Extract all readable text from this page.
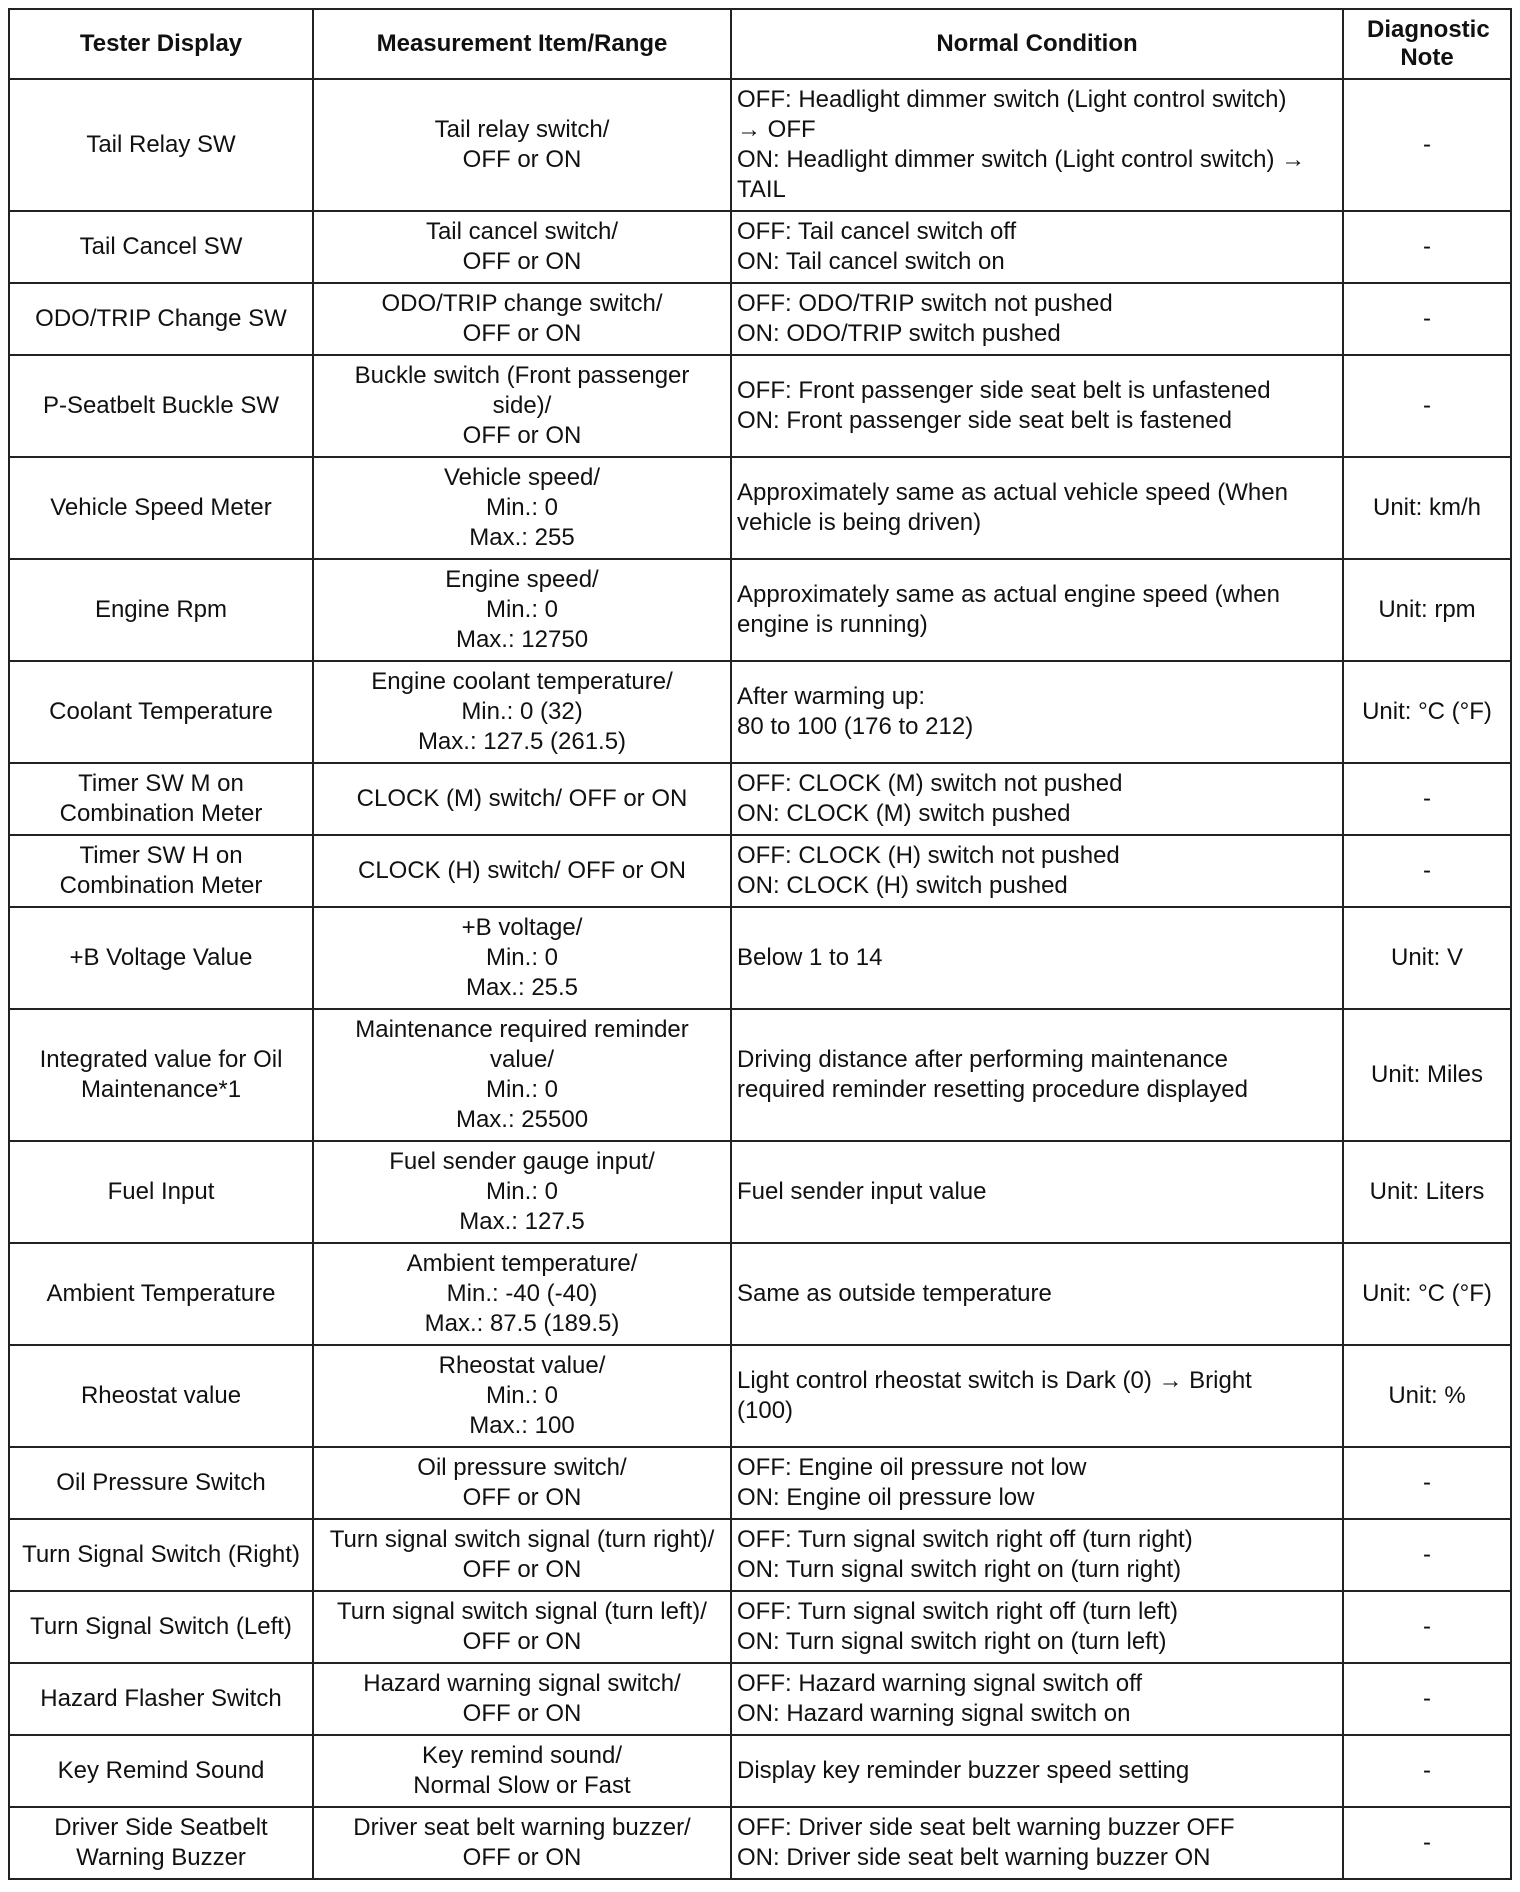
Tester Display	Measurement Item/Range	Normal Condition	Diagnostic Note

Tail Relay SW	Tail relay switch/
OFF or ON	OFF: Headlight dimmer switch (Light control switch)
→ OFF
ON: Headlight dimmer switch (Light control switch) →
TAIL	-

Tail Cancel SW	Tail cancel switch/
OFF or ON	OFF: Tail cancel switch off
ON: Tail cancel switch on	-

ODO/TRIP Change SW	ODO/TRIP change switch/
OFF or ON	OFF: ODO/TRIP switch not pushed
ON: ODO/TRIP switch pushed	-

P-Seatbelt Buckle SW	Buckle switch (Front passenger
side)/
OFF or ON	OFF: Front passenger side seat belt is unfastened
ON: Front passenger side seat belt is fastened	-

Vehicle Speed Meter	Vehicle speed/
Min.: 0
Max.: 255	Approximately same as actual vehicle speed (When
vehicle is being driven)	Unit: km/h

Engine Rpm	Engine speed/
Min.: 0
Max.: 12750	Approximately same as actual engine speed (when
engine is running)	Unit: rpm

Coolant Temperature	Engine coolant temperature/
Min.: 0 (32)
Max.: 127.5 (261.5)	After warming up:
80 to 100 (176 to 212)	Unit: °C (°F)

Timer SW M on
Combination Meter	CLOCK (M) switch/ OFF or ON	OFF: CLOCK (M) switch not pushed
ON: CLOCK (M) switch pushed	-

Timer SW H on
Combination Meter	CLOCK (H) switch/ OFF or ON	OFF: CLOCK (H) switch not pushed
ON: CLOCK (H) switch pushed	-

+B Voltage Value	+B voltage/
Min.: 0
Max.: 25.5	Below 1 to 14	Unit: V

Integrated value for Oil
Maintenance*1	Maintenance required reminder
value/
Min.: 0
Max.: 25500	Driving distance after performing maintenance
required reminder resetting procedure displayed	Unit: Miles

Fuel Input	Fuel sender gauge input/
Min.: 0
Max.: 127.5	Fuel sender input value	Unit: Liters

Ambient Temperature	Ambient temperature/
Min.: -40 (-40)
Max.: 87.5 (189.5)	Same as outside temperature	Unit: °C (°F)

Rheostat value	Rheostat value/
Min.: 0
Max.: 100	Light control rheostat switch is Dark (0) → Bright
(100)	Unit: %

Oil Pressure Switch	Oil pressure switch/
OFF or ON	OFF: Engine oil pressure not low
ON: Engine oil pressure low	-

Turn Signal Switch (Right)	Turn signal switch signal (turn right)/
OFF or ON	OFF: Turn signal switch right off (turn right)
ON: Turn signal switch right on (turn right)	-

Turn Signal Switch (Left)	Turn signal switch signal (turn left)/
OFF or ON	OFF: Turn signal switch right off (turn left)
ON: Turn signal switch right on (turn left)	-

Hazard Flasher Switch	Hazard warning signal switch/
OFF or ON	OFF: Hazard warning signal switch off
ON: Hazard warning signal switch on	-

Key Remind Sound	Key remind sound/
Normal Slow or Fast	Display key reminder buzzer speed setting	-

Driver Side Seatbelt
Warning Buzzer	Driver seat belt warning buzzer/
OFF or ON	OFF: Driver side seat belt warning buzzer OFF
ON: Driver side seat belt warning buzzer ON	-
